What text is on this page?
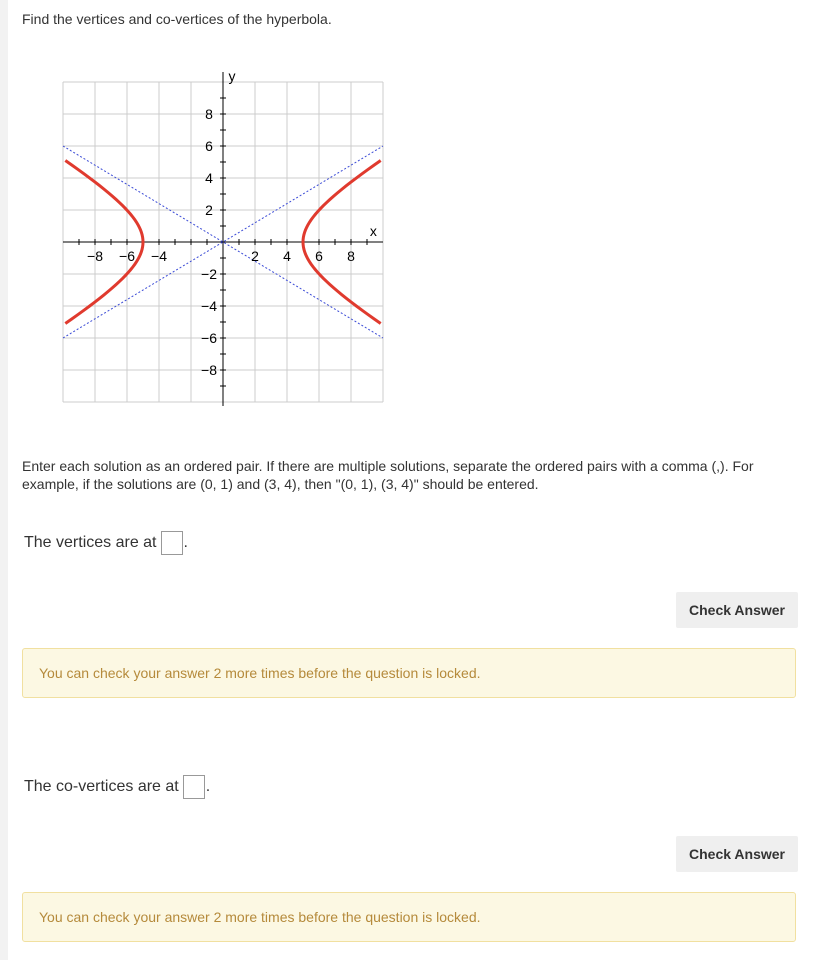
Find the vertices and co-vertices of the hyperbola.
−8 −6 −4	2 4 6 8
8
6
4
2
−2
−4
−6
−8
x
y
Enter each solution as an ordered pair. If there are multiple solutions, separate the ordered pairs with a comma (,). For example, if the solutions are (0, 1) and (3, 4), then "(0, 1), (3, 4)" should be entered.
The vertices are at .
Check Answer
You can check your answer 2 more times before the question is locked.
The co-vertices are at .
Check Answer
You can check your answer 2 more times before the question is locked.
